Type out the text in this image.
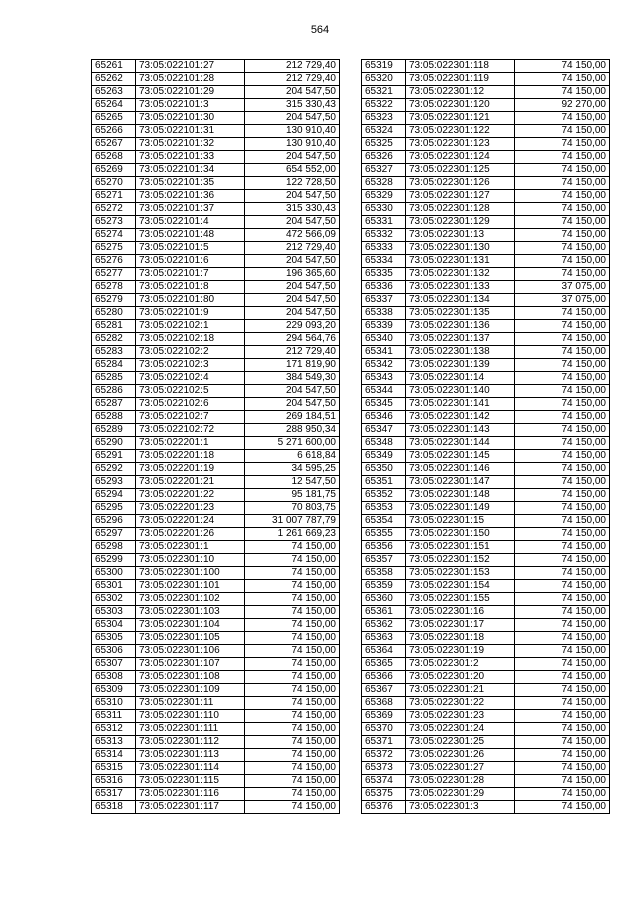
564
65261	73:05:022101:27	212 729,40
65262	73:05:022101:28	212 729,40
65263	73:05:022101:29	204 547,50
65264	73:05:022101:3	315 330,43
65265	73:05:022101:30	204 547,50
65266	73:05:022101:31	130 910,40
65267	73:05:022101:32	130 910,40
65268	73:05:022101:33	204 547,50
65269	73:05:022101:34	654 552,00
65270	73:05:022101:35	122 728,50
65271	73:05:022101:36	204 547,50
65272	73:05:022101:37	315 330,43
65273	73:05:022101:4	204 547,50
65274	73:05:022101:48	472 566,09
65275	73:05:022101:5	212 729,40
65276	73:05:022101:6	204 547,50
65277	73:05:022101:7	196 365,60
65278	73:05:022101:8	204 547,50
65279	73:05:022101:80	204 547,50
65280	73:05:022101:9	204 547,50
65281	73:05:022102:1	229 093,20
65282	73:05:022102:18	294 564,76
65283	73:05:022102:2	212 729,40
65284	73:05:022102:3	171 819,90
65285	73:05:022102:4	384 549,30
65286	73:05:022102:5	204 547,50
65287	73:05:022102:6	204 547,50
65288	73:05:022102:7	269 184,51
65289	73:05:022102:72	288 950,34
65290	73:05:022201:1	5 271 600,00
65291	73:05:022201:18	6 618,84
65292	73:05:022201:19	34 595,25
65293	73:05:022201:21	12 547,50
65294	73:05:022201:22	95 181,75
65295	73:05:022201:23	70 803,75
65296	73:05:022201:24	31 007 787,79
65297	73:05:022201:26	1 261 669,23
65298	73:05:022301:1	74 150,00
65299	73:05:022301:10	74 150,00
65300	73:05:022301:100	74 150,00
65301	73:05:022301:101	74 150,00
65302	73:05:022301:102	74 150,00
65303	73:05:022301:103	74 150,00
65304	73:05:022301:104	74 150,00
65305	73:05:022301:105	74 150,00
65306	73:05:022301:106	74 150,00
65307	73:05:022301:107	74 150,00
65308	73:05:022301:108	74 150,00
65309	73:05:022301:109	74 150,00
65310	73:05:022301:11	74 150,00
65311	73:05:022301:110	74 150,00
65312	73:05:022301:111	74 150,00
65313	73:05:022301:112	74 150,00
65314	73:05:022301:113	74 150,00
65315	73:05:022301:114	74 150,00
65316	73:05:022301:115	74 150,00
65317	73:05:022301:116	74 150,00
65318	73:05:022301:117	74 150,00
65319	73:05:022301:118	74 150,00
65320	73:05:022301:119	74 150,00
65321	73:05:022301:12	74 150,00
65322	73:05:022301:120	92 270,00
65323	73:05:022301:121	74 150,00
65324	73:05:022301:122	74 150,00
65325	73:05:022301:123	74 150,00
65326	73:05:022301:124	74 150,00
65327	73:05:022301:125	74 150,00
65328	73:05:022301:126	74 150,00
65329	73:05:022301:127	74 150,00
65330	73:05:022301:128	74 150,00
65331	73:05:022301:129	74 150,00
65332	73:05:022301:13	74 150,00
65333	73:05:022301:130	74 150,00
65334	73:05:022301:131	74 150,00
65335	73:05:022301:132	74 150,00
65336	73:05:022301:133	37 075,00
65337	73:05:022301:134	37 075,00
65338	73:05:022301:135	74 150,00
65339	73:05:022301:136	74 150,00
65340	73:05:022301:137	74 150,00
65341	73:05:022301:138	74 150,00
65342	73:05:022301:139	74 150,00
65343	73:05:022301:14	74 150,00
65344	73:05:022301:140	74 150,00
65345	73:05:022301:141	74 150,00
65346	73:05:022301:142	74 150,00
65347	73:05:022301:143	74 150,00
65348	73:05:022301:144	74 150,00
65349	73:05:022301:145	74 150,00
65350	73:05:022301:146	74 150,00
65351	73:05:022301:147	74 150,00
65352	73:05:022301:148	74 150,00
65353	73:05:022301:149	74 150,00
65354	73:05:022301:15	74 150,00
65355	73:05:022301:150	74 150,00
65356	73:05:022301:151	74 150,00
65357	73:05:022301:152	74 150,00
65358	73:05:022301:153	74 150,00
65359	73:05:022301:154	74 150,00
65360	73:05:022301:155	74 150,00
65361	73:05:022301:16	74 150,00
65362	73:05:022301:17	74 150,00
65363	73:05:022301:18	74 150,00
65364	73:05:022301:19	74 150,00
65365	73:05:022301:2	74 150,00
65366	73:05:022301:20	74 150,00
65367	73:05:022301:21	74 150,00
65368	73:05:022301:22	74 150,00
65369	73:05:022301:23	74 150,00
65370	73:05:022301:24	74 150,00
65371	73:05:022301:25	74 150,00
65372	73:05:022301:26	74 150,00
65373	73:05:022301:27	74 150,00
65374	73:05:022301:28	74 150,00
65375	73:05:022301:29	74 150,00
65376	73:05:022301:3	74 150,00
